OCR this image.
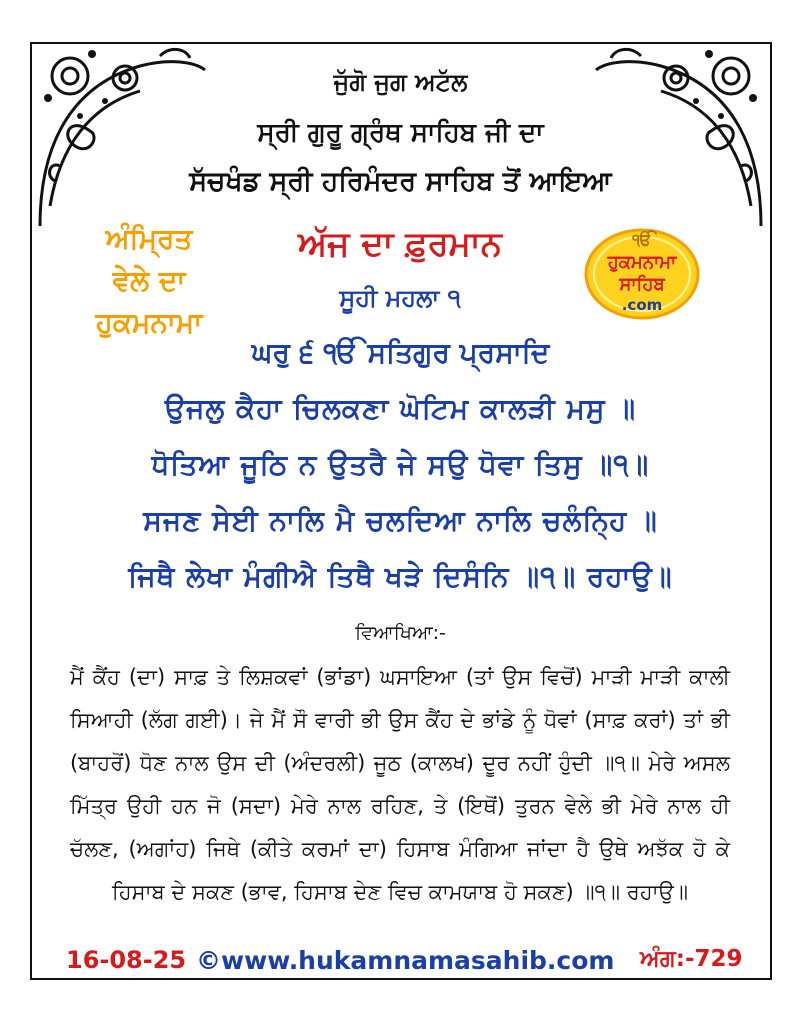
ਜੁੱਗੋ ਜੁਗ ਅਟੱਲ
ਸ੍ਰੀ ਗੁਰੂ ਗ੍ਰੰਥ ਸਾਹਿਬ ਜੀ ਦਾ
ਸੱਚਖੰਡ ਸ੍ਰੀ ਹਰਿਮੰਦਰ ਸਾਹਿਬ ਤੋਂ ਆਇਆ
ਅੰਮ੍ਰਿਤ
ਵੇਲੇ ਦਾ
ਹੁਕਮਨਾਮਾ
ਅੱਜ ਦਾ ਫ਼ੁਰਮਾਨ
ਸੂਹੀ ਮਹਲਾ ੧
ੴ
ਹੁਕਮਨਾਮਾ
ਸਾਹਿਬ
.com
ਘਰੁ ੬ ੴ ਸਤਿਗੁਰ ਪ੍ਰਸਾਦਿ
ਉਜਲੁ ਕੈਹਾ ਚਿਲਕਣਾ ਘੋਟਿਮ ਕਾਲੜੀ ਮਸੁ ॥
ਧੋਤਿਆ ਜੂਠਿ ਨ ਉਤਰੈ ਜੇ ਸਉ ਧੋਵਾ ਤਿਸੁ ॥੧॥
ਸਜਣ ਸੇਈ ਨਾਲਿ ਮੈ ਚਲਦਿਆ ਨਾਲਿ ਚਲੰਨ੍ਹਿ ॥
ਜਿਥੈ ਲੇਖਾ ਮੰਗੀਐ ਤਿਥੈ ਖੜੇ ਦਿਸੰਨਿ ॥੧॥ ਰਹਾਉ॥
ਵਿਆਖਿਆ:-

ਮੈਂ ਕੈਂਹ (ਦਾ) ਸਾਫ਼ ਤੇ ਲਿਸ਼ਕਵਾਂ (ਭਾਂਡਾ) ਘਸਾਇਆ (ਤਾਂ ਉਸ ਵਿਚੋਂ) ਮਾੜੀ ਮਾੜੀ ਕਾਲੀ ਸਿਆਹੀ (ਲੱਗ ਗਈ)। ਜੇ ਮੈਂ ਸੌ ਵਾਰੀ ਭੀ ਉਸ ਕੈਂਹ ਦੇ ਭਾਂਡੇ ਨੂੰ ਧੋਵਾਂ (ਸਾਫ਼ ਕਰਾਂ) ਤਾਂ ਭੀ (ਬਾਹਰੋਂ) ਧੋਣ ਨਾਲ ਉਸ ਦੀ (ਅੰਦਰਲੀ) ਜੂਠ (ਕਾਲਖ) ਦੂਰ ਨਹੀਂ ਹੁੰਦੀ ॥੧॥ ਮੇਰੇ ਅਸਲ ਮਿੱਤ੍ਰ ਉਹੀ ਹਨ ਜੋ (ਸਦਾ) ਮੇਰੇ ਨਾਲ ਰਹਿਣ, ਤੇ (ਇਥੋਂ) ਤੁਰਨ ਵੇਲੇ ਭੀ ਮੇਰੇ ਨਾਲ ਹੀ ਚੱਲਣ, (ਅਗਾਂਹ) ਜਿਥੇ (ਕੀਤੇ ਕਰਮਾਂ ਦਾ) ਹਿਸਾਬ ਮੰਗਿਆ ਜਾਂਦਾ ਹੈ ਉਥੇ ਅਝੱਕ ਹੋ ਕੇ ਹਿਸਾਬ ਦੇ ਸਕਣ (ਭਾਵ, ਹਿਸਾਬ ਦੇਣ ਵਿਚ ਕਾਮਯਾਬ ਹੋ ਸਕਣ) ॥੧॥ ਰਹਾਉ॥

16-08-25 ©www.hukamnamasahib.com ਅੰਗ:-729
